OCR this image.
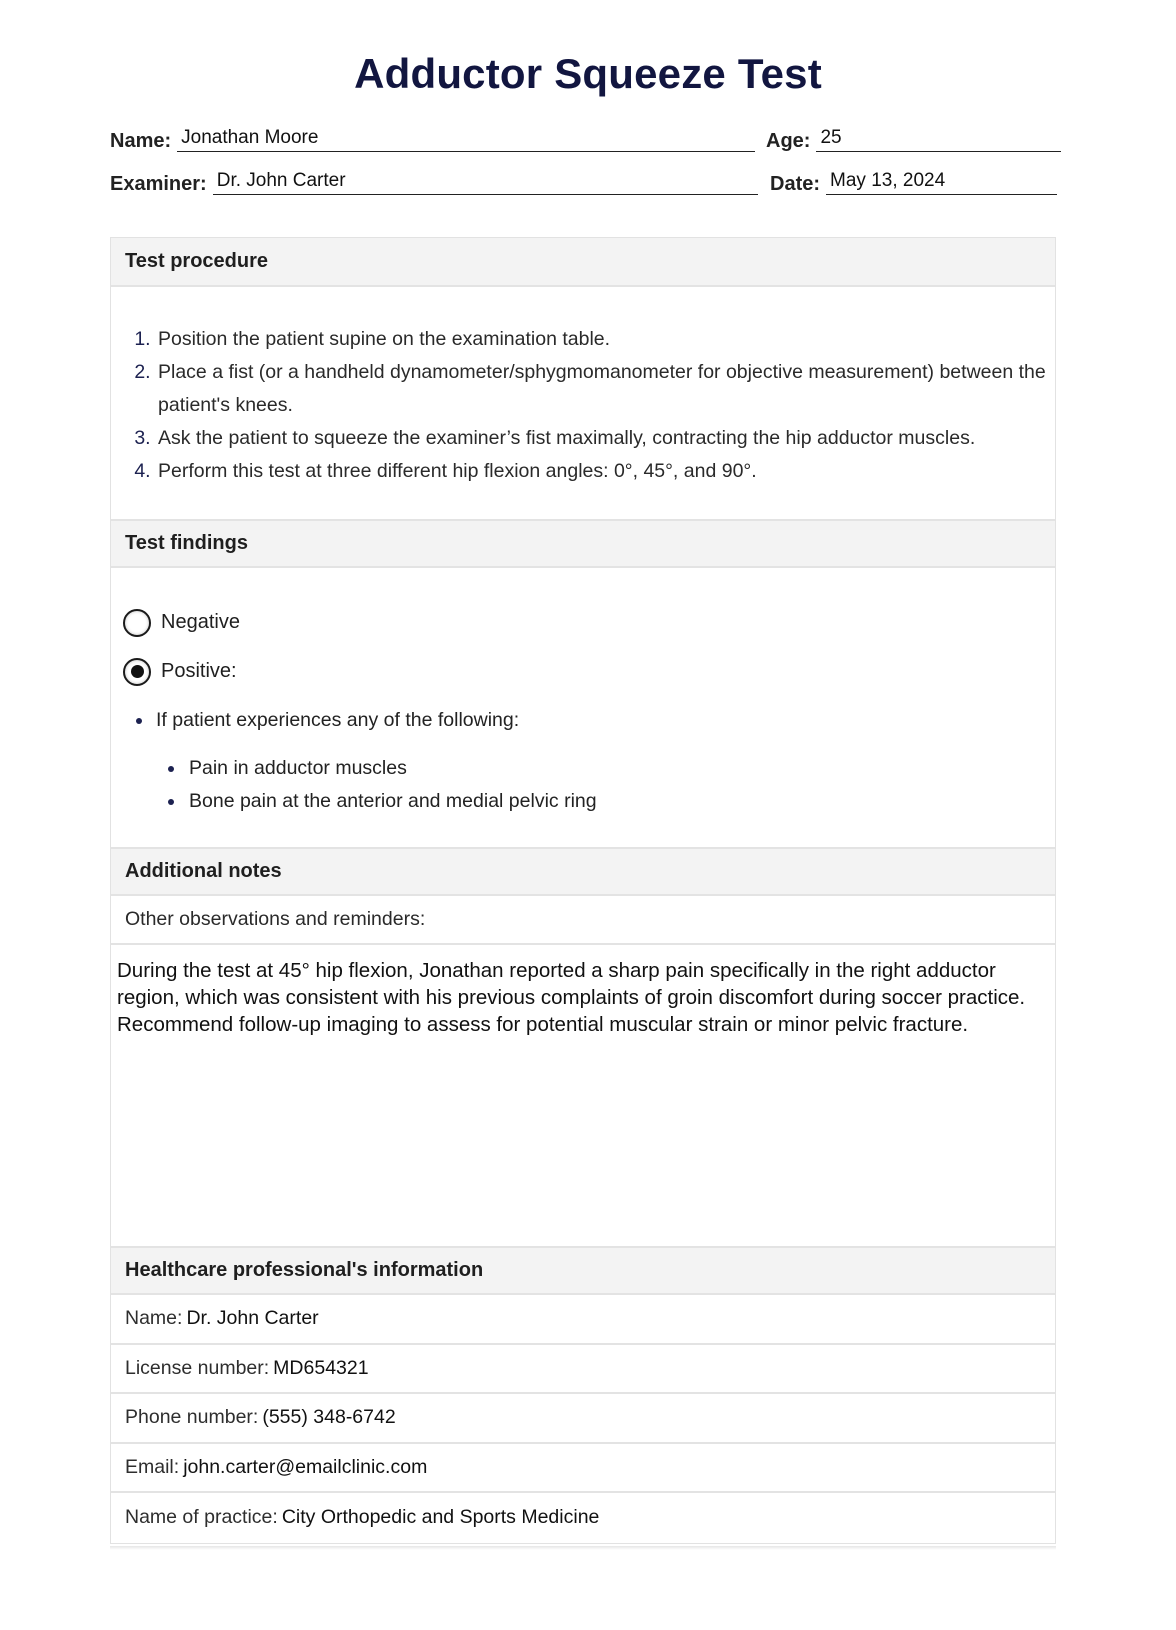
Adductor Squeeze Test
Name: Jonathan Moore	Age: 25
Examiner: Dr. John Carter	Date: May 13, 2024
Test procedure
1. Position the patient supine on the examination table.
2. Place a fist (or a handheld dynamometer/sphygmomanometer for objective measurement) between the patient's knees.
3. Ask the patient to squeeze the examiner’s fist maximally, contracting the hip adductor muscles.
4. Perform this test at three different hip flexion angles: 0°, 45°, and 90°.
Test findings
Negative
Positive:
If patient experiences any of the following:
Pain in adductor muscles
Bone pain at the anterior and medial pelvic ring
Additional notes
Other observations and reminders:
During the test at 45° hip flexion, Jonathan reported a sharp pain specifically in the right adductor region, which was consistent with his previous complaints of groin discomfort during soccer practice. Recommend follow-up imaging to assess for potential muscular strain or minor pelvic fracture.
Healthcare professional's information
Name: Dr. John Carter
License number: MD654321
Phone number: (555) 348-6742
Email: john.carter@emailclinic.com
Name of practice: City Orthopedic and Sports Medicine
